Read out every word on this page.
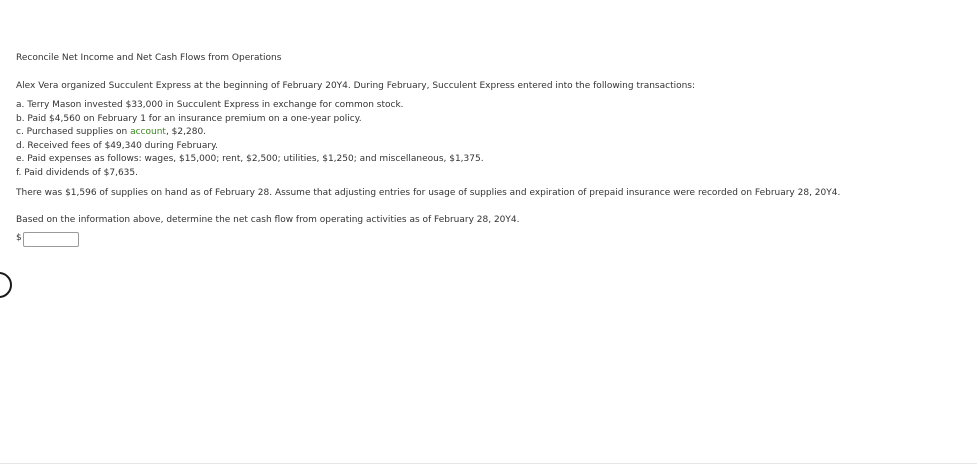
Reconcile Net Income and Net Cash Flows from Operations

Alex Vera organized Succulent Express at the beginning of February 20Y4. During February, Succulent Express entered into the following transactions:

a. Terry Mason invested $33,000 in Succulent Express in exchange for common stock.
b. Paid $4,560 on February 1 for an insurance premium on a one-year policy.
c. Purchased supplies on account, $2,280.
d. Received fees of $49,340 during February.
e. Paid expenses as follows: wages, $15,000; rent, $2,500; utilities, $1,250; and miscellaneous, $1,375.
f. Paid dividends of $7,635.

There was $1,596 of supplies on hand as of February 28. Assume that adjusting entries for usage of supplies and expiration of prepaid insurance were recorded on February 28, 20Y4.

Based on the information above, determine the net cash flow from operating activities as of February 28, 20Y4.

$
